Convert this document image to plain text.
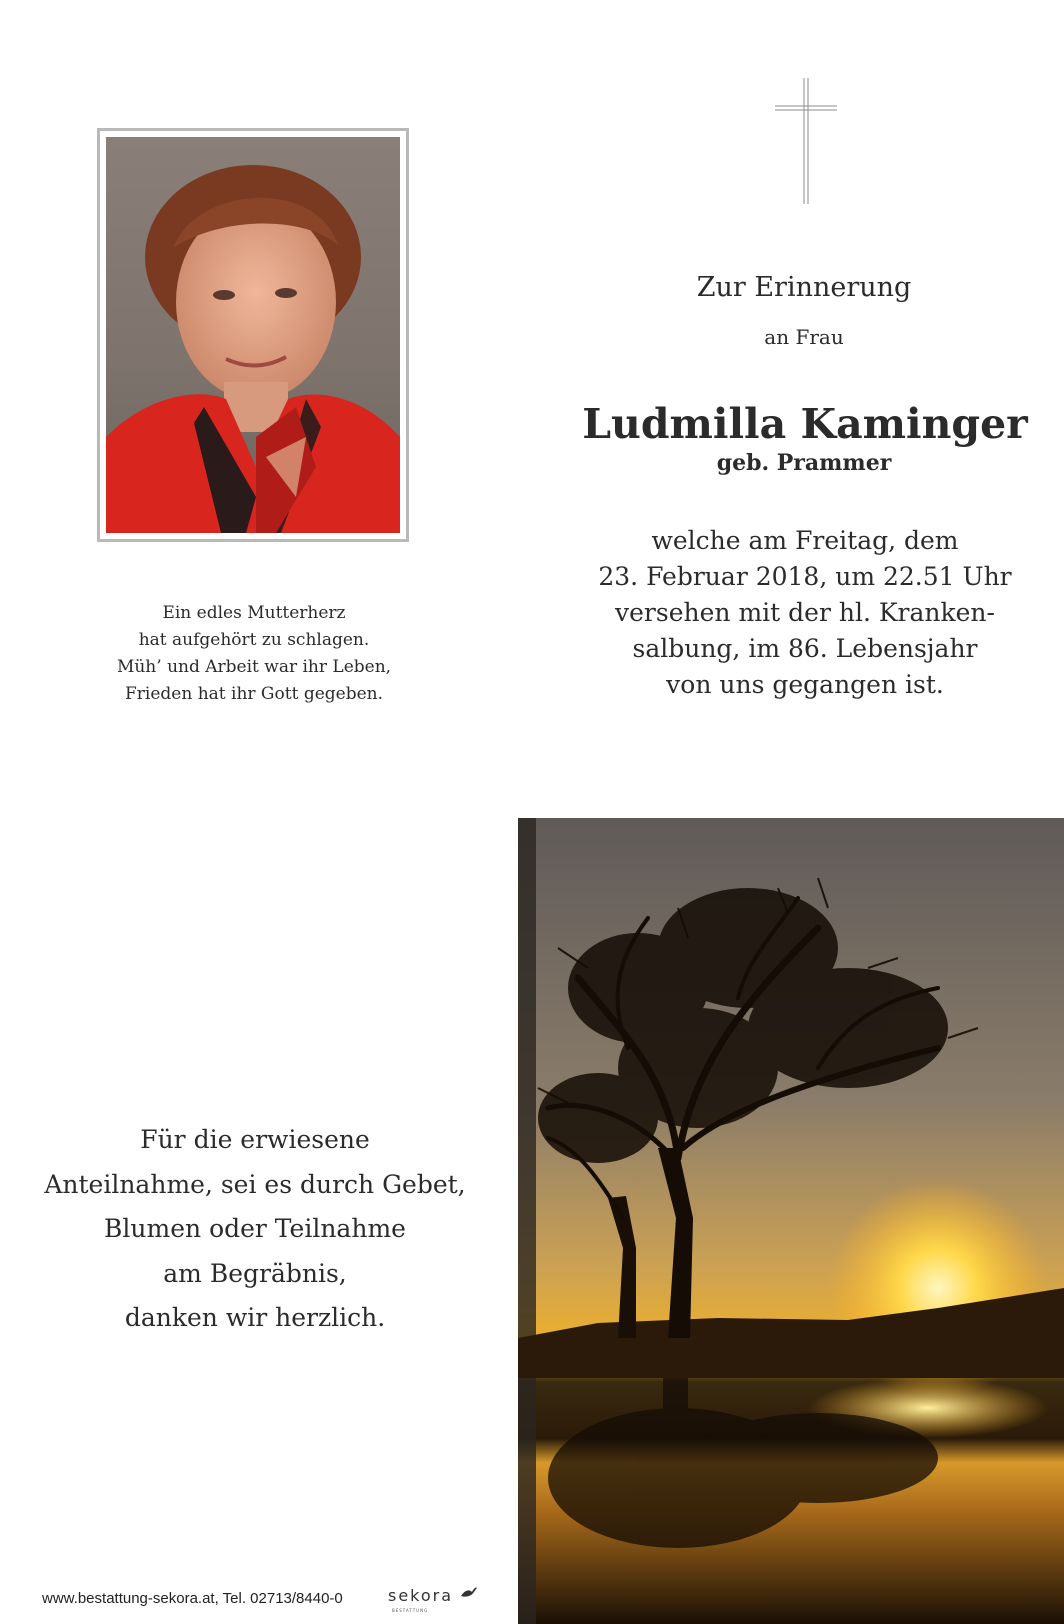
Ein edles Mutterherz
hat aufgehört zu schlagen.
Müh’ und Arbeit war ihr Leben,
Frieden hat ihr Gott gegeben.
Zur Erinnerung
an Frau
Ludmilla Kaminger
geb. Prammer
welche am Freitag, dem
23. Februar 2018, um 22.51 Uhr
versehen mit der hl. Kranken-
salbung, im 86. Lebensjahr
von uns gegangen ist.
Für die erwiesene
Anteilnahme, sei es durch Gebet,
Blumen oder Teilnahme
am Begräbnis,
danken wir herzlich.
www.bestattung-sekora.at, Tel. 02713/8440-0	sekora
BESTATTUNG
